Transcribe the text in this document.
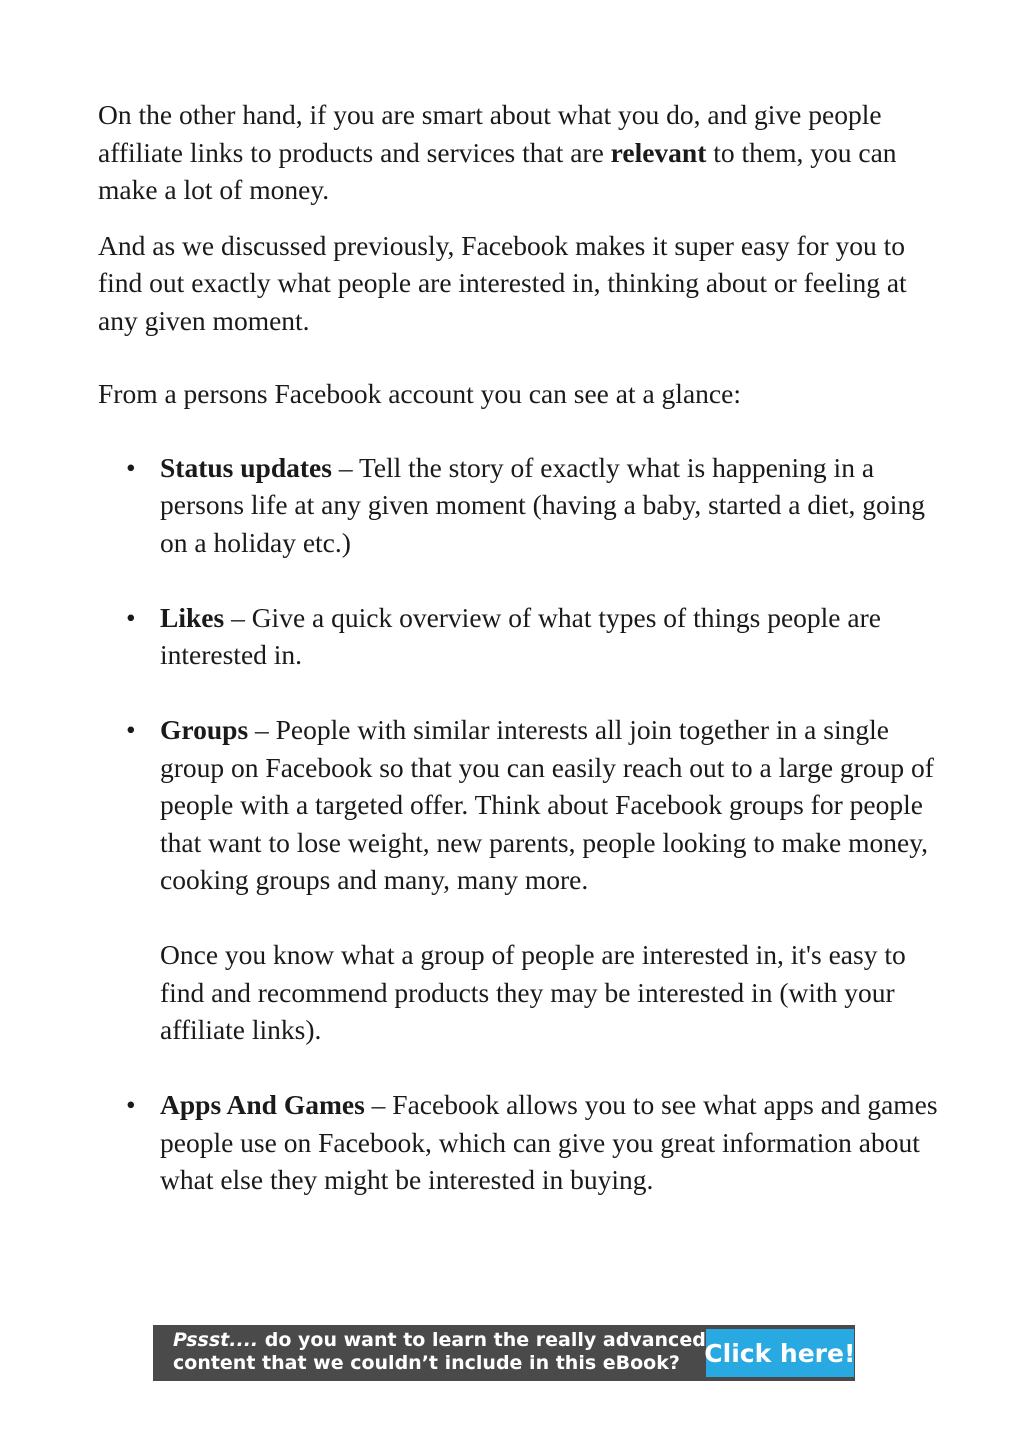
On the other hand, if you are smart about what you do, and give people affiliate links to products and services that are relevant to them, you can make a lot of money.

And as we discussed previously, Facebook makes it super easy for you to find out exactly what people are interested in, thinking about or feeling at any given moment.

From a persons Facebook account you can see at a glance:

• Status updates – Tell the story of exactly what is happening in a persons life at any given moment (having a baby, started a diet, going on a holiday etc.)

• Likes – Give a quick overview of what types of things people are interested in.

• Groups – People with similar interests all join together in a single group on Facebook so that you can easily reach out to a large group of people with a targeted offer. Think about Facebook groups for people that want to lose weight, new parents, people looking to make money, cooking groups and many, many more.

Once you know what a group of people are interested in, it's easy to find and recommend products they may be interested in (with your affiliate links).

• Apps And Games – Facebook allows you to see what apps and games people use on Facebook, which can give you great information about what else they might be interested in buying.

Pssst.... do you want to learn the really advanced
content that we couldn’t include in this eBook? Click here!
